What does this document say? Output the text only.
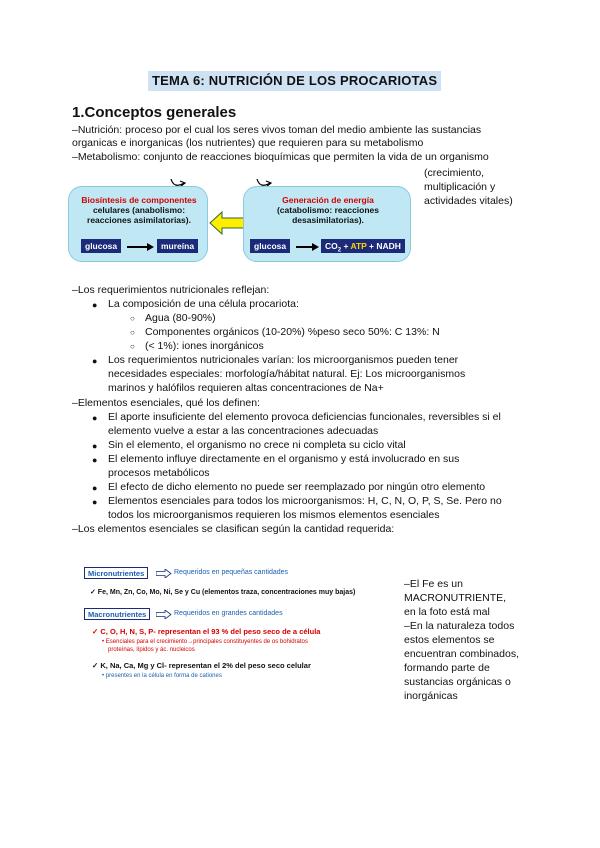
TEMA 6: NUTRICIÓN DE LOS PROCARIOTAS
1.Conceptos generales
–Nutrición: proceso por el cual los seres vivos toman del medio ambiente las sustancias
organicas e inorganicas (los nutrientes) que requieren para su metabolismo
–Metabolismo: conjunto de reacciones bioquímicas que permiten la vida de un organismo
(crecimiento,
multiplicación y
actividades vitales)
Biosíntesis de componentes
celulares (anabolismo:
reacciones asimilatorias).
glucosa	mureína
Generación de energía
(catabolismo: reacciones
desasimilatorias).
glucosa	$CO_2$ + ATP + NADH
–Los requerimientos nutricionales reflejan:
● La composición de una célula procariota:
○ Agua (80-90%)
○ Componentes orgánicos (10-20%) %peso seco 50%: C 13%: N
○ (< 1%): iones inorgánicos
● Los requerimientos nutricionales varían: los microorganismos pueden tener
necesidades especiales: morfología/hábitat natural. Ej: Los microorganismos
marinos y halófilos requieren altas concentraciones de Na+
–Elementos esenciales, qué los definen:
● El aporte insuficiente del elemento provoca deficiencias funcionales, reversibles si el
elemento vuelve a estar a las concentraciones adecuadas
● Sin el elemento, el organismo no crece ni completa su ciclo vital
● El elemento influye directamente en el organismo y está involucrado en sus
procesos metabólicos
● El efecto de dicho elemento no puede ser reemplazado por ningún otro elemento
● Elementos esenciales para todos los microorganismos: H, C, N, O, P, S, Se. Pero no
todos los microorganismos requieren los mismos elementos esenciales
–Los elementos esenciales se clasifican según la cantidad requerida:
Micronutrientes	Requeridos en pequeñas cantidades
✓ Fe, Mn, Zn, Co, Mo, Ni, Se y Cu (elementos traza, concentraciones muy bajas)
Macronutrientes	Requeridos en grandes cantidades
✓ C, O, H, N, S, P- representan el 93 % del peso seco de a célula
• Esenciales para el crecimiento→principales constituyentes de os bohidratos
proteínas, lípidos y ác. nucleicos
✓ K, Na, Ca, Mg y Cl- representan el 2% del peso seco celular
• presentes en la célula en forma de cationes
–El Fe es un
MACRONUTRIENTE,
en la foto está mal
–En la naturaleza todos
estos elementos se
encuentran combinados,
formando parte de
sustancias orgánicas o
inorgánicas
